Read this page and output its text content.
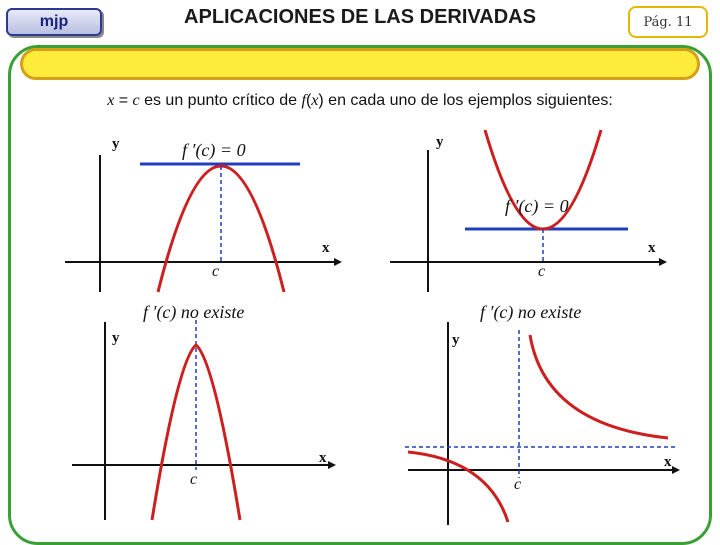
mjp	APLICACIONES DE LAS DERIVADAS	Pág. 11
x = c es un punto crítico de f(x) en cada uno de los ejemplos siguientes:
y
x
c
f ′(c) = 0	y
x
c
f ′(c) = 0
y
x
c
f ′(c) no existe
y
x
c
f ′(c) no existe
